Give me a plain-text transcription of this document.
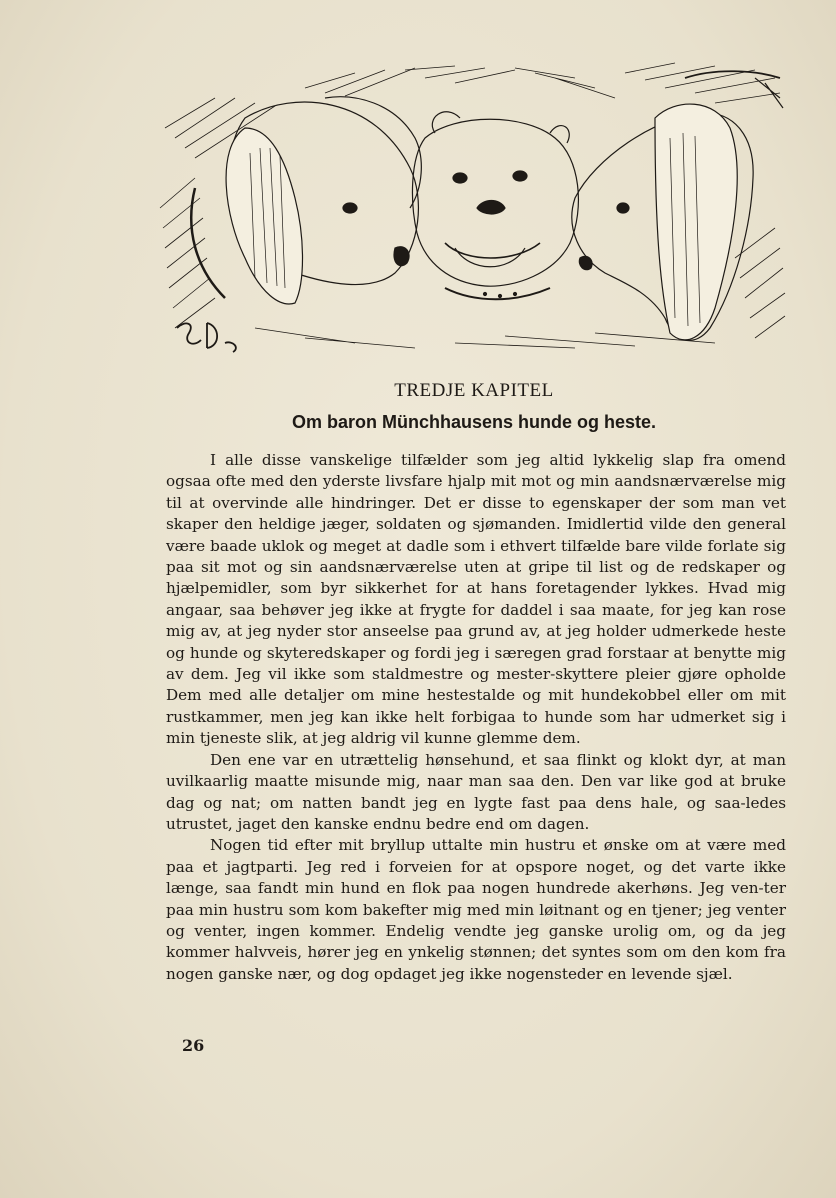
TREDJE KAPITEL
Om baron Münchhausens hunde og heste.

I alle disse vanskelige tilfælder som jeg altid lykkelig slap fra omend ogsaa ofte med den yderste livsfare hjalp mit mot og min aandsnærværelse mig til at overvinde alle hindringer. Det er disse to egenskaper der som man vet skaper den heldige jæger, soldaten og sjømanden. Imidlertid vilde den general være baade uklok og meget at dadle som i ethvert tilfælde bare vilde forlate sig paa sit mot og sin aandsnærværelse uten at gripe til list og de redskaper og hjælpemidler, som byr sikkerhet for at hans foretagender lykkes. Hvad mig angaar, saa behøver jeg ikke at frygte for daddel i saa maate, for jeg kan rose mig av, at jeg nyder stor anseelse paa grund av, at jeg holder udmerkede heste og hunde og skyteredskaper og fordi jeg i særegen grad forstaar at benytte mig av dem. Jeg vil ikke som staldmestre og mester-skyttere pleier gjøre opholde Dem med alle detaljer om mine hestestalde og mit hundekobbel eller om mit rustkammer, men jeg kan ikke helt forbigaa to hunde som har udmerket sig i min tjeneste slik, at jeg aldrig vil kunne glemme dem.

Den ene var en utrættelig hønsehund, et saa flinkt og klokt dyr, at man uvilkaarlig maatte misunde mig, naar man saa den. Den var like god at bruke dag og nat; om natten bandt jeg en lygte fast paa dens hale, og saa-ledes utrustet, jaget den kanske endnu bedre end om dagen.

Nogen tid efter mit bryllup uttalte min hustru et ønske om at være med paa et jagtparti. Jeg red i forveien for at opspore noget, og det varte ikke længe, saa fandt min hund en flok paa nogen hundrede akerhøns. Jeg ven-ter paa min hustru som kom bakefter mig med min løitnant og en tjener; jeg venter og venter, ingen kommer. Endelig vendte jeg ganske urolig om, og da jeg kommer halvveis, hører jeg en ynkelig stønnen; det syntes som om den kom fra nogen ganske nær, og dog opdaget jeg ikke nogensteder en levende sjæl.

26
